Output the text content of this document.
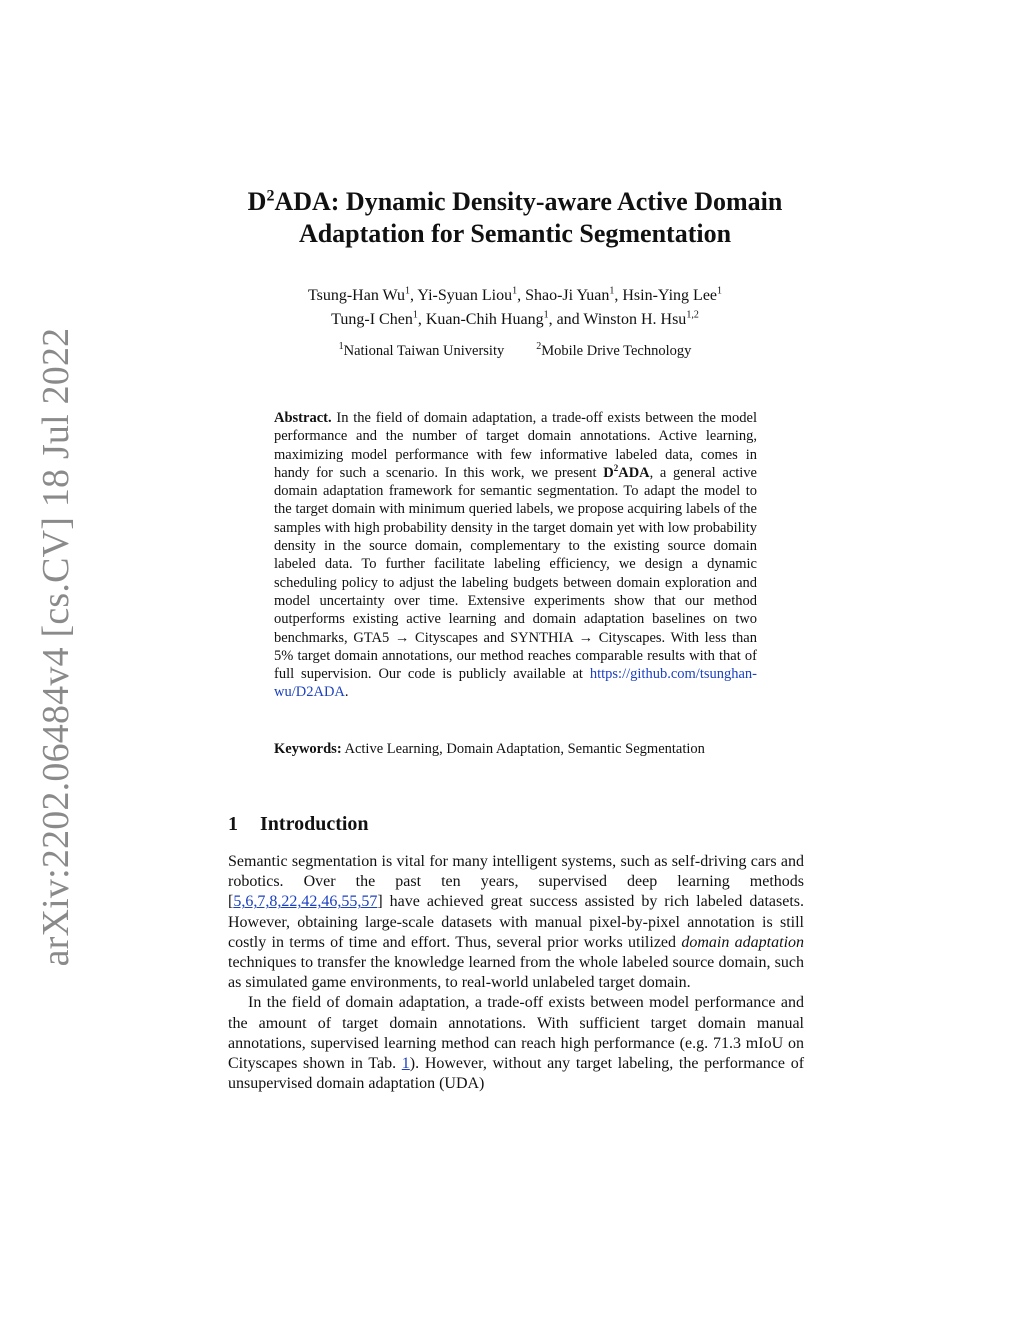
arXiv:2202.06484v4 [cs.CV] 18 Jul 2022
$D^2ADA$: Dynamic Density-aware Active Domain
Adaptation for Semantic Segmentation
Tsung-Han Wu$^1$, Yi-Syuan Liou$^1$, Shao-Ji Yuan$^1$, Hsin-Ying Lee$^1$
Tung-I Chen$^1$, Kuan-Chih Huang$^1$, and Winston H. Hsu$^{1,2}$
$^1$National Taiwan University	$^2$Mobile Drive Technology
Abstract. In the field of domain adaptation, a trade-off exists between the model performance and the number of target domain annotations. Active learning, maximizing model performance with few informative labeled data, comes in handy for such a scenario. In this work, we present $D^2ADA$, a general active domain adaptation framework for semantic segmentation. To adapt the model to the target domain with minimum queried labels, we propose acquiring labels of the samples with high probability density in the target domain yet with low probability density in the source domain, complementary to the existing source domain labeled data. To further facilitate labeling efficiency, we design a dynamic scheduling policy to adjust the labeling budgets between domain exploration and model uncertainty over time. Extensive experiments show that our method outperforms existing active learning and domain adaptation baselines on two benchmarks, GTA5 → Cityscapes and SYNTHIA → Cityscapes. With less than 5% target domain annotations, our method reaches comparable results with that of full supervision. Our code is publicly available at https://github.com/tsunghan-wu/D2ADA.
Keywords: Active Learning, Domain Adaptation, Semantic Segmentation
1 Introduction

Semantic segmentation is vital for many intelligent systems, such as self-driving cars and robotics. Over the past ten years, supervised deep learning methods [5,6,7,8,22,42,46,55,57] have achieved great success assisted by rich labeled datasets. However, obtaining large-scale datasets with manual pixel-by-pixel annotation is still costly in terms of time and effort. Thus, several prior works utilized domain adaptation techniques to transfer the knowledge learned from the whole labeled source domain, such as simulated game environments, to real-world unlabeled target domain.

In the field of domain adaptation, a trade-off exists between model performance and the amount of target domain annotations. With sufficient target domain manual annotations, supervised learning method can reach high performance (e.g. 71.3 mIoU on Cityscapes shown in Tab. 1). However, without any target labeling, the performance of unsupervised domain adaptation (UDA)
